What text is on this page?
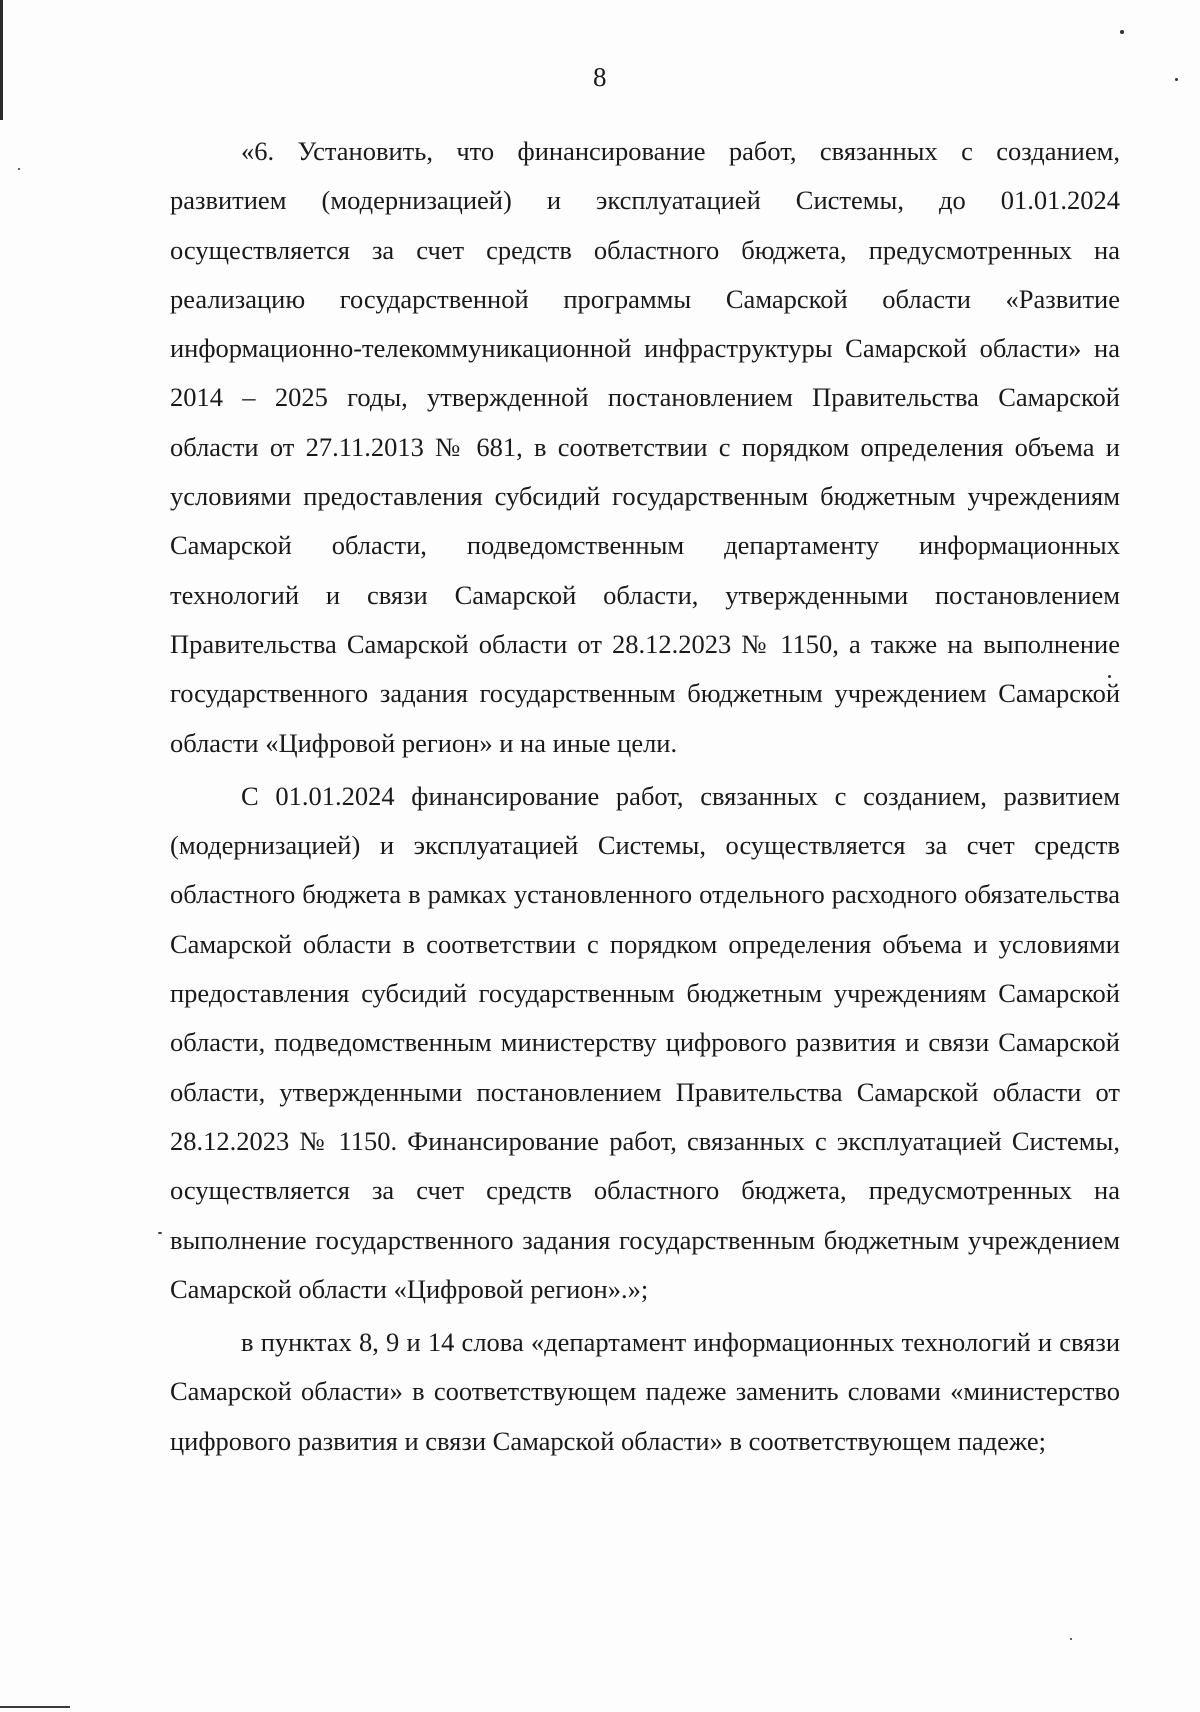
8

«6. Установить, что финансирование работ, связанных с созданием, развитием (модернизацией) и эксплуатацией Системы, до 01.01.2024 осуществляется за счет средств областного бюджета, предусмотренных на реализацию государственной программы Самарской области «Развитие информационно-телекоммуникационной инфраструктуры Самарской области» на 2014 – 2025 годы, утвержденной постановлением Правительства Самарской области от 27.11.2013 № 681, в соответствии с порядком определения объема и условиями предоставления субсидий государственным бюджетным учреждениям Самарской области, подведомственным департаменту информационных технологий и связи Самарской области, утвержденными постановлением Правительства Самарской области от 28.12.2023 № 1150, а также на выполнение государственного задания государственным бюджетным учреждением Самарской области «Цифровой регион» и на иные цели.

С 01.01.2024 финансирование работ, связанных с созданием, развитием (модернизацией) и эксплуатацией Системы, осуществляется за счет средств областного бюджета в рамках установленного отдельного расходного обязательства Самарской области в соответствии с порядком определения объема и условиями предоставления субсидий государственным бюджетным учреждениям Самарской области, подведомственным министерству цифрового развития и связи Самарской области, утвержденными постановлением Правительства Самарской области от 28.12.2023 № 1150. Финансирование работ, связанных с эксплуатацией Системы, осуществляется за счет средств областного бюджета, предусмотренных на выполнение государственного задания государственным бюджетным учреждением Самарской области «Цифровой регион».»;

в пунктах 8, 9 и 14 слова «департамент информационных технологий и связи Самарской области» в соответствующем падеже заменить словами «министерство цифрового развития и связи Самарской области» в соответствующем падеже;
